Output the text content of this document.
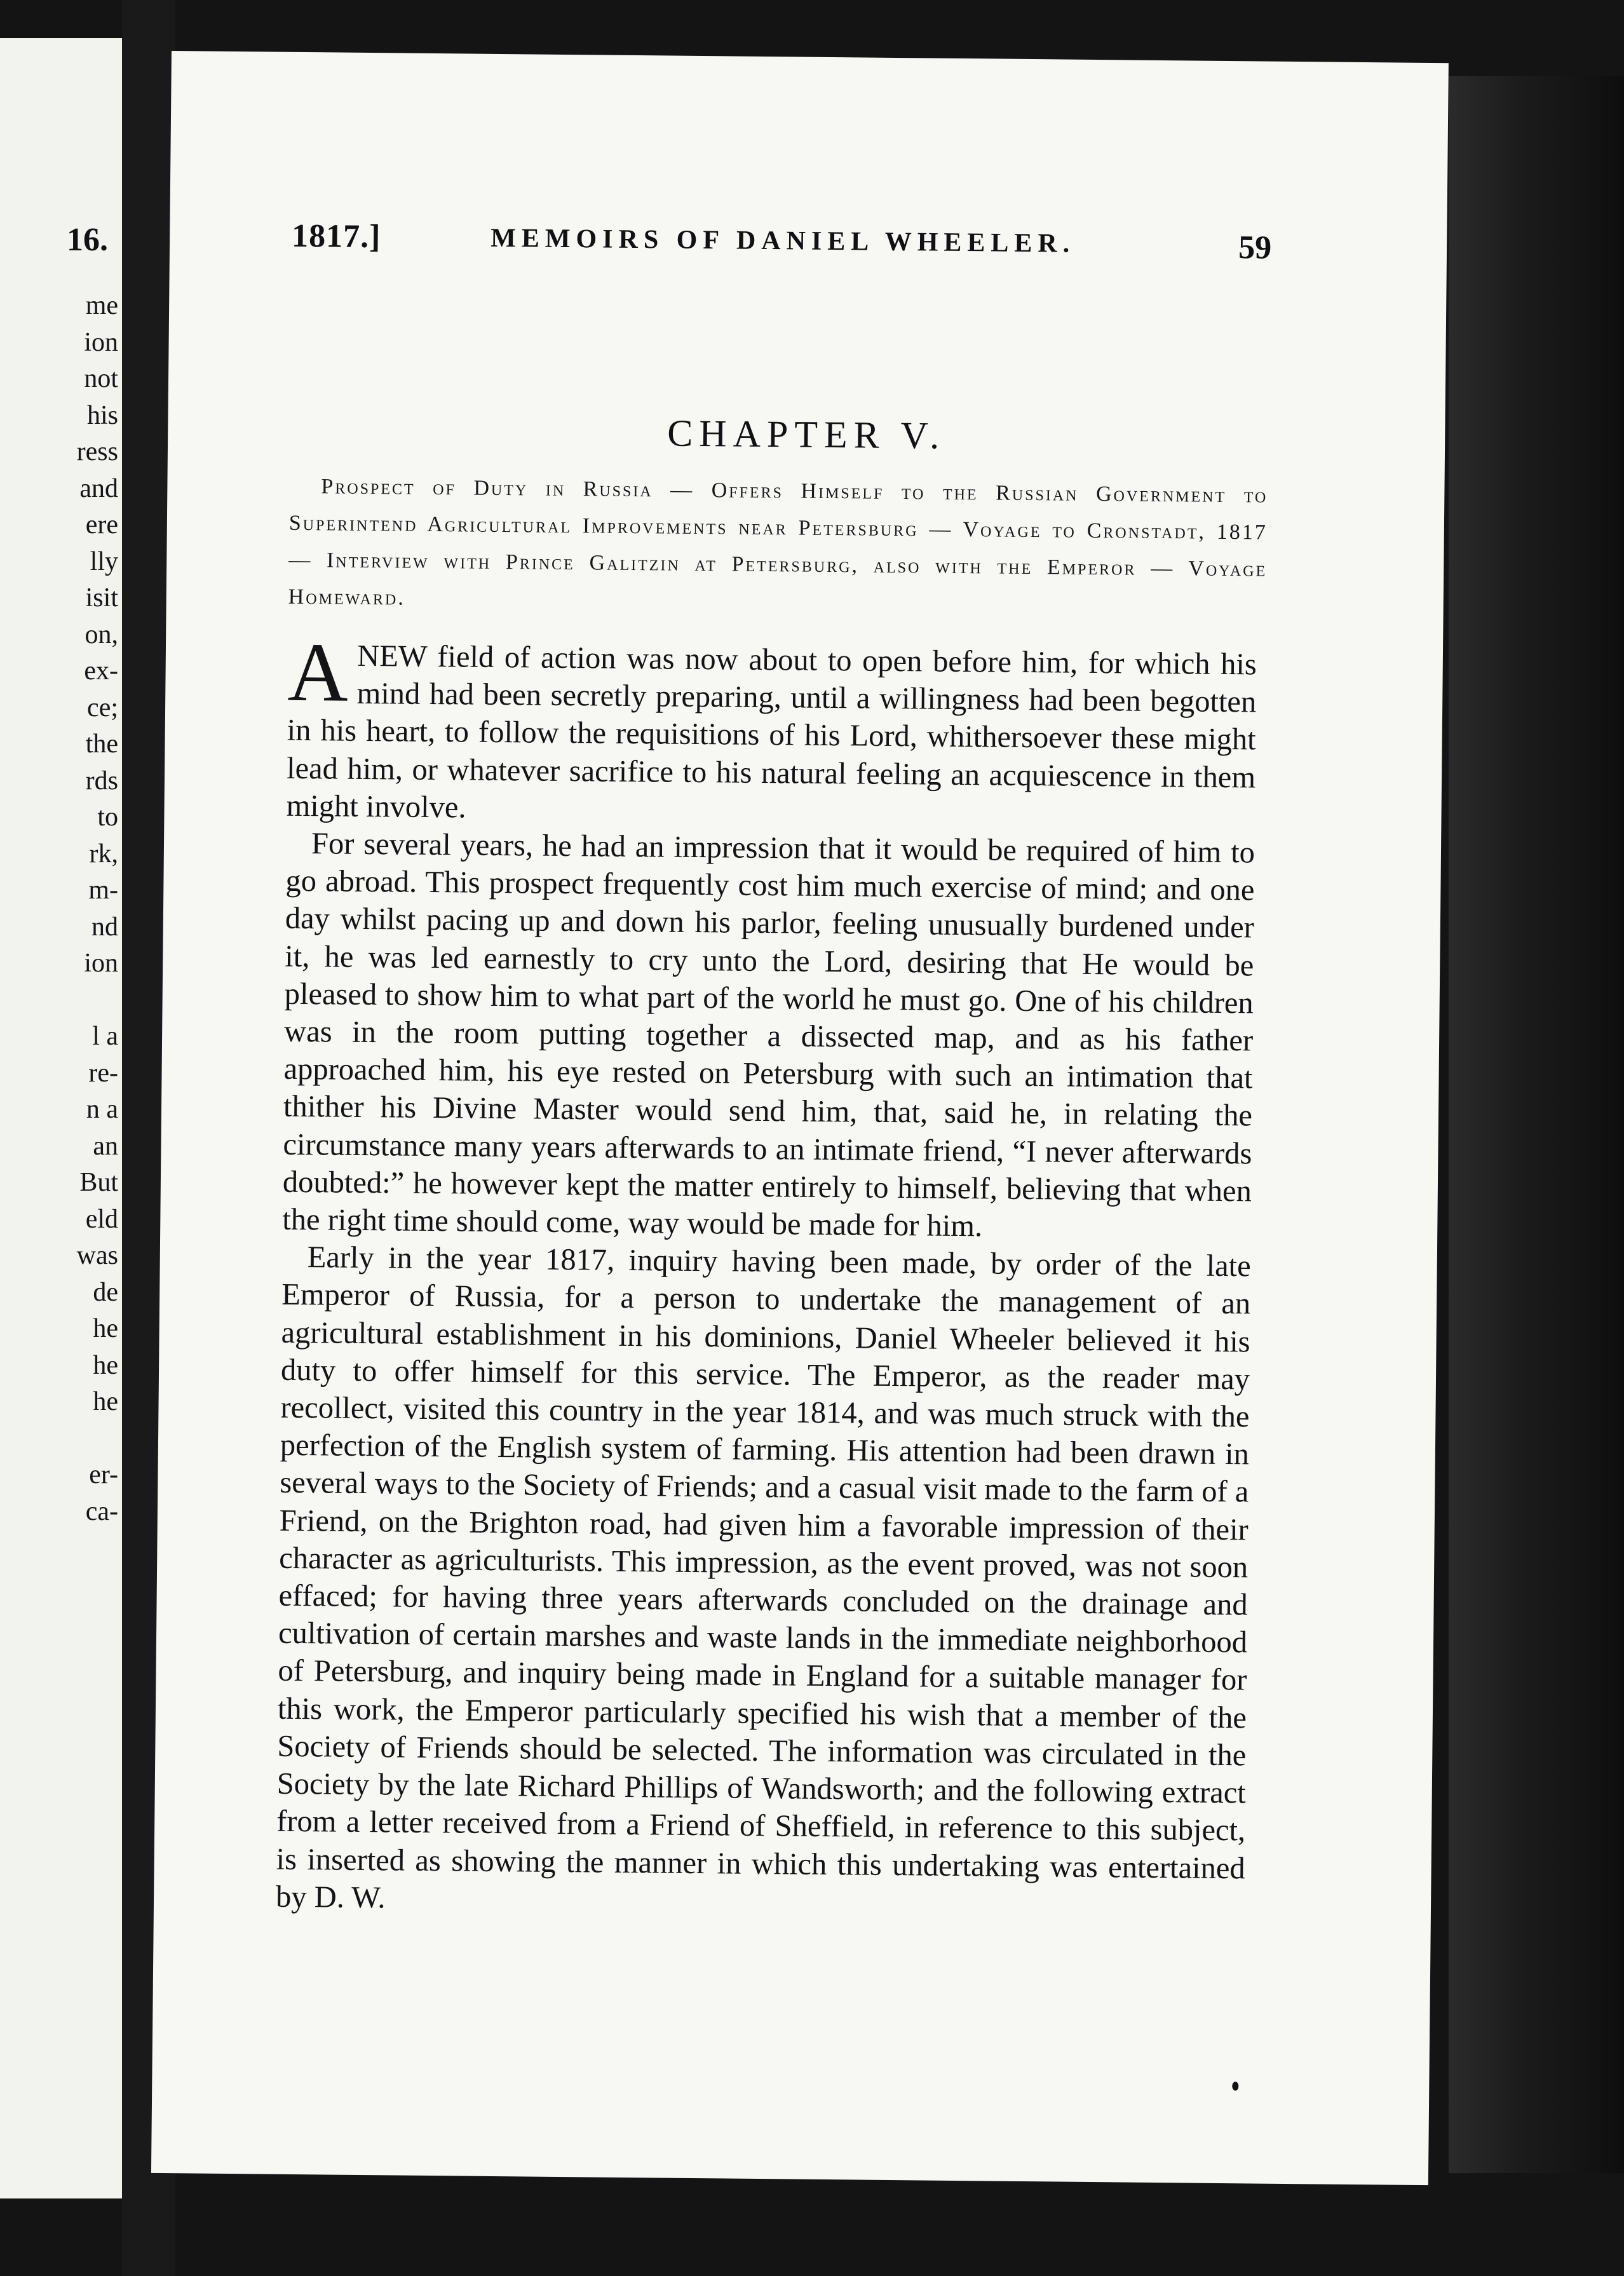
16.
me
ion
not
his
ress
and
ere
lly
isit
on,
ex-
ce;
the
rds
to
rk,
m-
nd
ion
l a
re-
n a
an
But
eld
was
de
he
he
he
er-
ca-
1817.]	MEMOIRS OF DANIEL WHEELER.	59
CHAPTER V.
Prospect of Duty in Russia — Offers Himself to the Russian Government to Superintend Agricultural Improvements near Petersburg — Voyage to Cronstadt, 1817 — Interview with Prince Galitzin at Petersburg, also with the Emperor — Voyage Homeward.

ANEW field of action was now about to open before him, for which his mind had been secretly preparing, until a willingness had been begotten in his heart, to follow the requisitions of his Lord, whithersoever these might lead him, or whatever sacrifice to his natural feeling an acquiescence in them might involve.

For several years, he had an impression that it would be required of him to go abroad. This prospect frequently cost him much exercise of mind; and one day whilst pacing up and down his parlor, feeling unusually burdened under it, he was led earnestly to cry unto the Lord, desiring that He would be pleased to show him to what part of the world he must go. One of his children was in the room putting together a dissected map, and as his father approached him, his eye rested on Petersburg with such an intimation that thither his Divine Master would send him, that, said he, in relating the circumstance many years afterwards to an intimate friend, “I never afterwards doubted:” he however kept the matter entirely to himself, believing that when the right time should come, way would be made for him.

Early in the year 1817, inquiry having been made, by order of the late Emperor of Russia, for a person to undertake the management of an agricultural establishment in his dominions, Daniel Wheeler believed it his duty to offer himself for this service. The Emperor, as the reader may recollect, visited this country in the year 1814, and was much struck with the perfection of the English system of farming. His attention had been drawn in several ways to the Society of Friends; and a casual visit made to the farm of a Friend, on the Brighton road, had given him a favorable impression of their character as agriculturists. This impression, as the event proved, was not soon effaced; for having three years afterwards concluded on the drainage and cultivation of certain marshes and waste lands in the immediate neighborhood of Petersburg, and inquiry being made in England for a suitable manager for this work, the Emperor particularly specified his wish that a member of the Society of Friends should be selected. The information was circulated in the Society by the late Richard Phillips of Wandsworth; and the following extract from a letter received from a Friend of Sheffield, in reference to this subject, is inserted as showing the manner in which this undertaking was entertained by D. W.
